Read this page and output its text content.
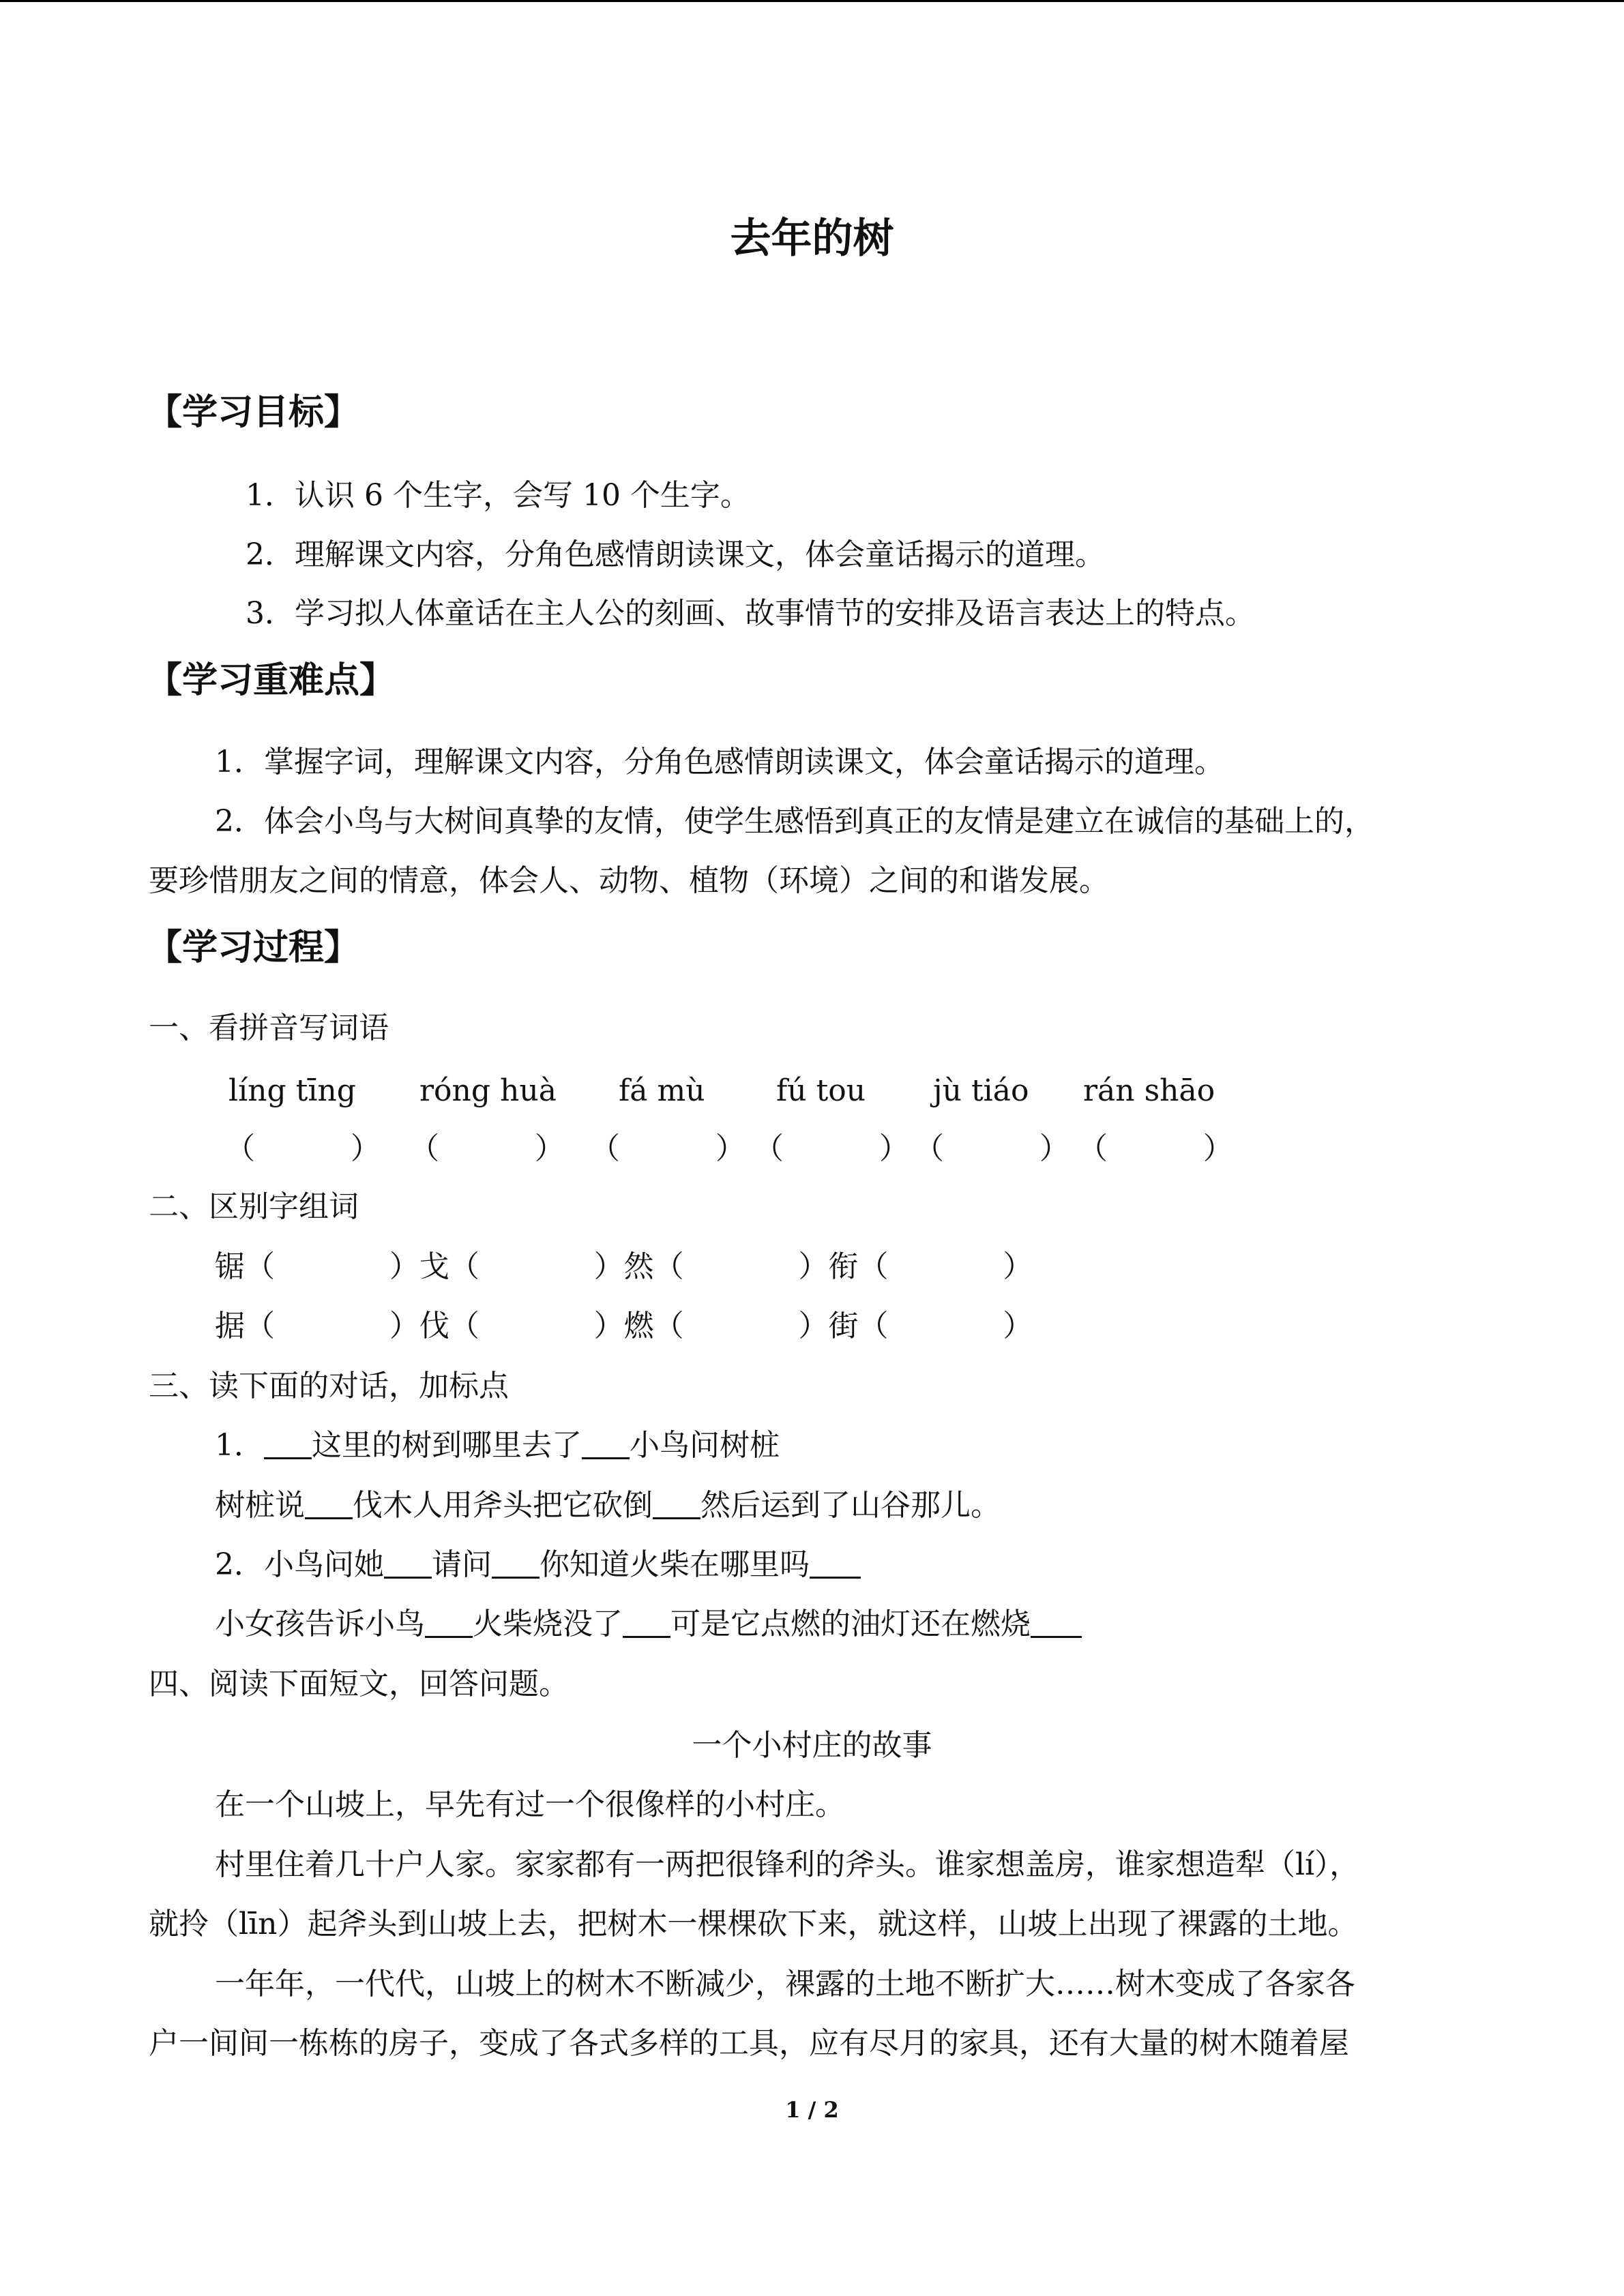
去年的树
【学习目标】
1．认识 6 个生字，会写 10 个生字。
2．理解课文内容，分角色感情朗读课文，体会童话揭示的道理。
3．学习拟人体童话在主人公的刻画、故事情节的安排及语言表达上的特点。
【学习重难点】
1．掌握字词，理解课文内容，分角色感情朗读课文，体会童话揭示的道理。
2．体会小鸟与大树间真挚的友情，使学生感悟到真正的友情是建立在诚信的基础上的，
要珍惜朋友之间的情意，体会人、动物、植物（环境）之间的和谐发展。
【学习过程】
一、看拼音写词语
líng tīng róng huà fá mù fú tou jù tiáo rán shāo
（          ） （          ） （          ） （          ） （          ） （          ）
二、区别字组词
锯（            ）戈（            ）然（            ）衔（            ）
据（            ）伐（            ）燃（            ）街（            ）
三、读下面的对话，加标点
1． 这里的树到哪里去了 小鸟问树桩
树桩说 伐木人用斧头把它砍倒 然后运到了山谷那儿。
2．小鸟问她 请问 你知道火柴在哪里吗
小女孩告诉小鸟 火柴烧没了 可是它点燃的油灯还在燃烧
四、阅读下面短文，回答问题。
一个小村庄的故事
在一个山坡上，早先有过一个很像样的小村庄。
村里住着几十户人家。家家都有一两把很锋利的斧头。谁家想盖房，谁家想造犁（lí），
就拎（līn）起斧头到山坡上去，把树木一棵棵砍下来，就这样，山坡上出现了裸露的土地。
一年年，一代代，山坡上的树木不断减少，裸露的土地不断扩大……树木变成了各家各
户一间间一栋栋的房子，变成了各式多样的工具，应有尽月的家具，还有大量的树木随着屋
1 / 2
